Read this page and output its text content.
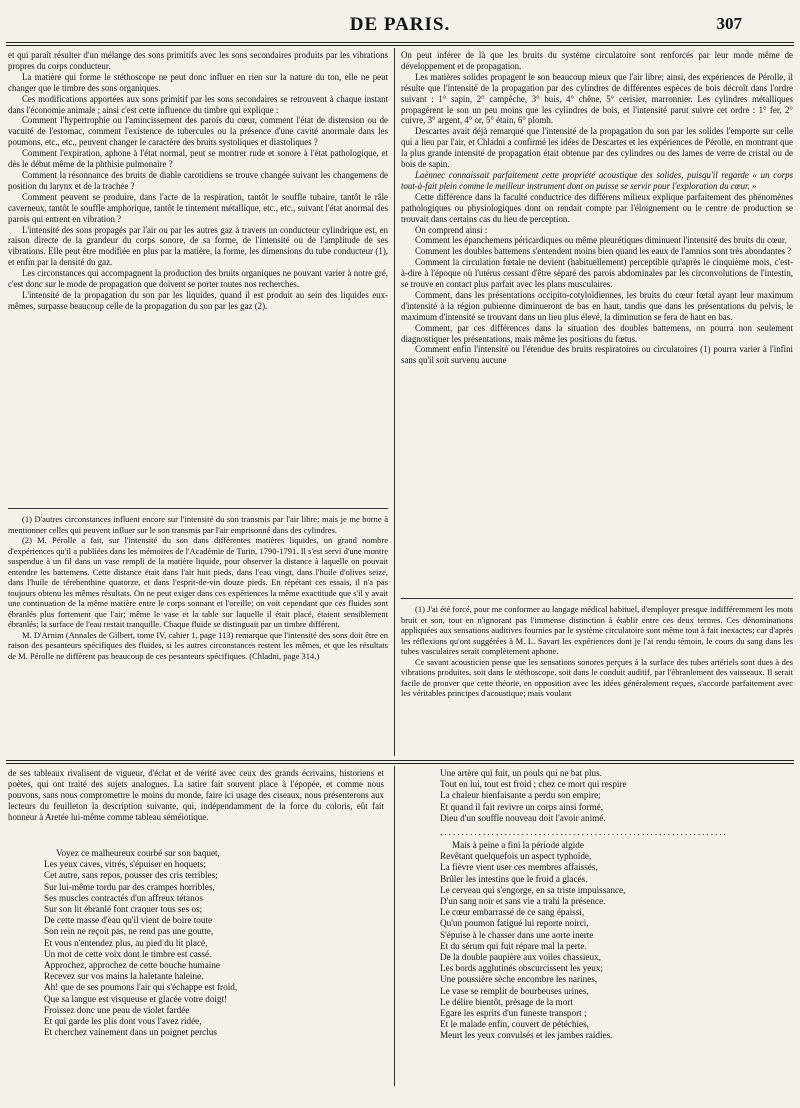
DE PARIS.	307

et qui paraît résulter d'un mélange des sons primitifs avec les sons secondaires produits par les vibrations propres du corps conducteur.

La matière qui forme le stéthoscope ne peut donc influer en rien sur la nature du ton, elle ne peut changer que le timbre des sons organiques.

Ces modifications apportées aux sons primitif par les sons secondaires se retrouvent à chaque instant dans l'économie animale ; ainsi c'est cette influence du timbre qui explique :

Comment l'hypertrophie ou l'amincissement des parois du cœur, comment l'état de distension ou de vacuité de l'estomac, comment l'existence de tubercules ou la présence d'une cavité anormale dans les poumons, etc., etc., peuvent changer le caractère des bruits systoliques et diastoliques ?

Comment l'expiration, aphone à l'état normal, peut se montrer rude et sonore à l'état pathologique, et dès le début même de la phthisie pulmonaire ?

Comment la résonnance des bruits de diable carotidiens se trouve changée suivant les changemens de position du larynx et de la trachée ?

Comment peuvent se produire, dans l'acte de la respiration, tantôt le souffle tubaire, tantôt le râle caverneux, tantôt le souffle amphorique, tantôt le tintement métallique, etc., etc., suivant l'état anormal des parois qui entrent en vibration ?

L'intensité des sons propagés par l'air ou par les autres gaz à travers un conducteur cylindrique est, en raison directe de la grandeur du corps sonore, de sa forme, de l'intensité ou de l'amplitude de ses vibrations. Elle peut être modifiée en plus par la matière, la forme, les dimensions du tube conducteur (1), et enfin par la densité du gaz.

Les circonstances qui accompagnent la production des bruits organiques ne pouvant varier à notre gré, c'est donc sur le mode de propagation que doivent se porter toutes nos recherches.

L'intensité de la propagation du son par les liquides, quand il est produit au sein des liquides eux-mêmes, surpasse beaucoup celle de la propagation du son par les gaz (2).

(1) D'autres circonstances influent encore sur l'intensité du son transmis par l'air libre; mais je me borne à mentionner celles qui peuvent influer sur le son transmis par l'air emprisonné dans des cylindres.

(2) M. Pérolle a fait, sur l'intensité du son dans différentes matières liquides, un grand nombre d'expériences qu'il a publiées dans les mémoires de l'Académie de Turin, 1790-1791. Il s'est servi d'une montre suspendue à un fil dans un vase rempli de la matière liquide, pour observer la distance à laquelle on pouvait entendre les battemens. Cette distance était dans l'air huit pieds, dans l'eau vingt, dans l'huile d'olives seize, dans l'huile de térebenthine quatorze, et dans l'esprit-de-vin douze pieds. En répétant ces essais, il n'a pas toujours obtenu les mêmes résultats. On ne peut exiger dans ces expériences la même exactitude que s'il y avait une continuation de la même matière entre le corps sonnant et l'oreille; on voit cependant que ces fluides sont ébranlés plus fortement que l'air; même le vase et la table sur laquelle il était placé, étaient sensiblement ébranlés; la surface de l'eau restait tranquille. Chaque fluide se distinguait par un timbre différent.

M. D'Arnim (Annales de Gilbert, tome IV, cahier 1, page 113) remarque que l'intensité des sons doit être en raison des pesanteurs spécifiques des fluides, si les autres circonstances restent les mêmes, et que les résultats de M. Pérolle ne diffèrent pas beaucoup de ces pesanteurs spécifiques. (Chladni, page 314.)

On peut inférer de là que les bruits du système circulatoire sont renforcés par leur mode même de développement et de propagation.

Les matières solides propagent le son beaucoup mieux que l'air libre; ainsi, des expériences de Pérolle, il résulte que l'intensité de la propagation par des cylindres de différentes espèces de bois décroît dans l'ordre suivant : 1° sapin, 2° campêche, 3° buis, 4° chêne, 5° cerisier, marronnier. Les cylindres métalliques propagèrent le son un peu moins que les cylindres de bois, et l'intensité parut suivre cet ordre : 1° fer, 2° cuivre, 3° argent, 4° or, 5° étain, 6° plomb.

Descartes avait déjà remarqué que l'intensité de la propagation du son par les solides l'emporte sur celle qui a lieu par l'air, et Chladni a confirmé les idées de Descartes et les expériences de Pérolle, en montrant que la plus grande intensité de propagation était obtenue par des cylindres ou des lames de verre de cristal ou de bois de sapin.

Laënnec connaissait parfaitement cette propriété acoustique des solides, puisqu'il regarde « un corps tout-à-fait plein comme le meilleur instrument dont on puisse se servir pour l'exploration du cœur. »

Cette différence dans la faculté conductrice des différens milieux explique parfaitement des phénomènes pathologiques ou physiologiques dont on rendait compte par l'éloignement ou le centre de production se trouvait dans certains cas du lieu de perception.

On comprend ainsi :

Comment les épanchemens péricardiques ou même pleurétiques diminuent l'intensité des bruits du cœur.

Comment les doubles battemens s'entendent moins bien quand les eaux de l'amnios sont très abondantes ?

Comment la circulation fœtale ne devient (habituellement) perceptible qu'après le cinquième mois, c'est-à-dire à l'époque où l'utérus cessant d'être séparé des parois abdominales par les circonvolutions de l'intestin, se trouve en contact plus parfait avec les plans musculaires.

Comment, dans les présentations occipito-cotyloïdiennes, les bruits du cœur fœtal ayant leur maximum d'intensité à la région pubienne diminueront de bas en haut, tandis que dans les présentations du pelvis, le maximum d'intensité se trouvant dans un lieu plus élevé, la diminution se fera de haut en bas.

Comment, par ces différences dans la situation des doubles battemens, on pourra non seulement diagnostiquer les présentations, mais même les positions du fœtus.

Comment enfin l'intensité ou l'étendue des bruits respiratoires ou circulatoires (1) pourra varier à l'infini sans qu'il soit survenu aucune

(1) J'ai été forcé, pour me conformer au langage médical habituel, d'employer presque indifféremment les mots bruit et son, tout en n'ignorant pas l'immense distinction à établir entre ces deux termes. Ces dénominations appliquées aux sensations auditives fournies par le système circulatoire sont même tout à fait inexactes; car d'après les réflexions qu'ont suggérées à M. L. Savart les expériences dont je l'ai rendu témoin, le cours du sang dans les tubes vasculaires serait complètement aphone.

Ce savant acousticien pense que les sensations sonores perçues à la surface des tubes artériels sont dues à des vibrations produites, soit dans le stéthoscope, soit dans le conduit auditif, par l'ébranlement des vaisseaux. Il serait facile de prouver que cette théorie, en opposition avec les idées généralement reçues, s'accorde parfaitement avec les véritables principes d'acoustique; mais voulant

de ses tableaux rivalisent de vigueur, d'éclat et de vérité avec ceux des grands écrivains, historiens et poètes, qui ont traité des sujets analogues. La satire fait souvent place à l'épopée, et comme nous pouvons, sans nous compromettre le moins du monde, faire ici usage des ciseaux, nous présenterons aux lecteurs du feuilleton la description suivante, qui, indépendamment de la force du coloris, eût fait honneur à Aretée lui-même comme tableau séméiotique.

Voyez ce malheureux courbé sur son baquet,
Les yeux caves, vitrés, s'épuiser en hoquets;
Cet autre, sans repos, pousser des cris terribles;
Sur lui-même tordu par des crampes horribles,
Ses muscles contractés d'un affreux tétanos
Sur son lit ébranlé font craquer tous ses os;
De cette masse d'eau qu'il vient de boire toute
Son rein ne reçoit pas, ne rend pas une goutte,
Et vous n'entendez plus, au pied du lit placé,
Un mot de cette voix dont le timbre est cassé.
Approchez, approchez de cette bouche humaine
Recevez sur vos mains la haletante haleine.
Ah! que de ses poumons l'air qui s'échappe est froid,
Que sa langue est visqueuse et glacée votre doigt!
Froissez donc une peau de violet fardée
Et qui garde les plis dont vous l'avez ridée,
Et cherchez vainement dans un poignet perclus
Une artère qui fuit, un pouls qui ne bat plus.
Tout en lui, tout est froid ; chez ce mort qui respire
La chaleur bienfaisante a perdu son empire;
Et quand il fait revivre un corps ainsi formé,
Dieu d'un souffle nouveau doit l'avoir animé.
...................................................................
Mais à peine a fini la période algide
Revêtant quelquefois un aspect typhoïde,
La fièvre vient user ces membres affaissés,
Brûler les intestins que le froid a glacés.
Le cerveau qui s'engorge, en sa triste impuissance,
D'un sang noir et sans vie a trahi la présence.
Le cœur embarrassé de ce sang épaissi,
Qu'un poumon fatigué lui reporte noirci,
S'épuise à le chasser dans une aorte inerte
Et du sérum qui fuit répare mal la perte.
De la double paupière aux voiles chassieux,
Les bords agglutinés obscurcissent les yeux;
Une poussière sèche encombre les narines,
Le vase se remplit de bourbeuses urines,
Le délire bientôt, présage de la mort
Egare les esprits d'un funeste transport ;
Et le malade enfin, couvert de pétéchies,
Meurt les yeux convulsés et les jambes raidies.
